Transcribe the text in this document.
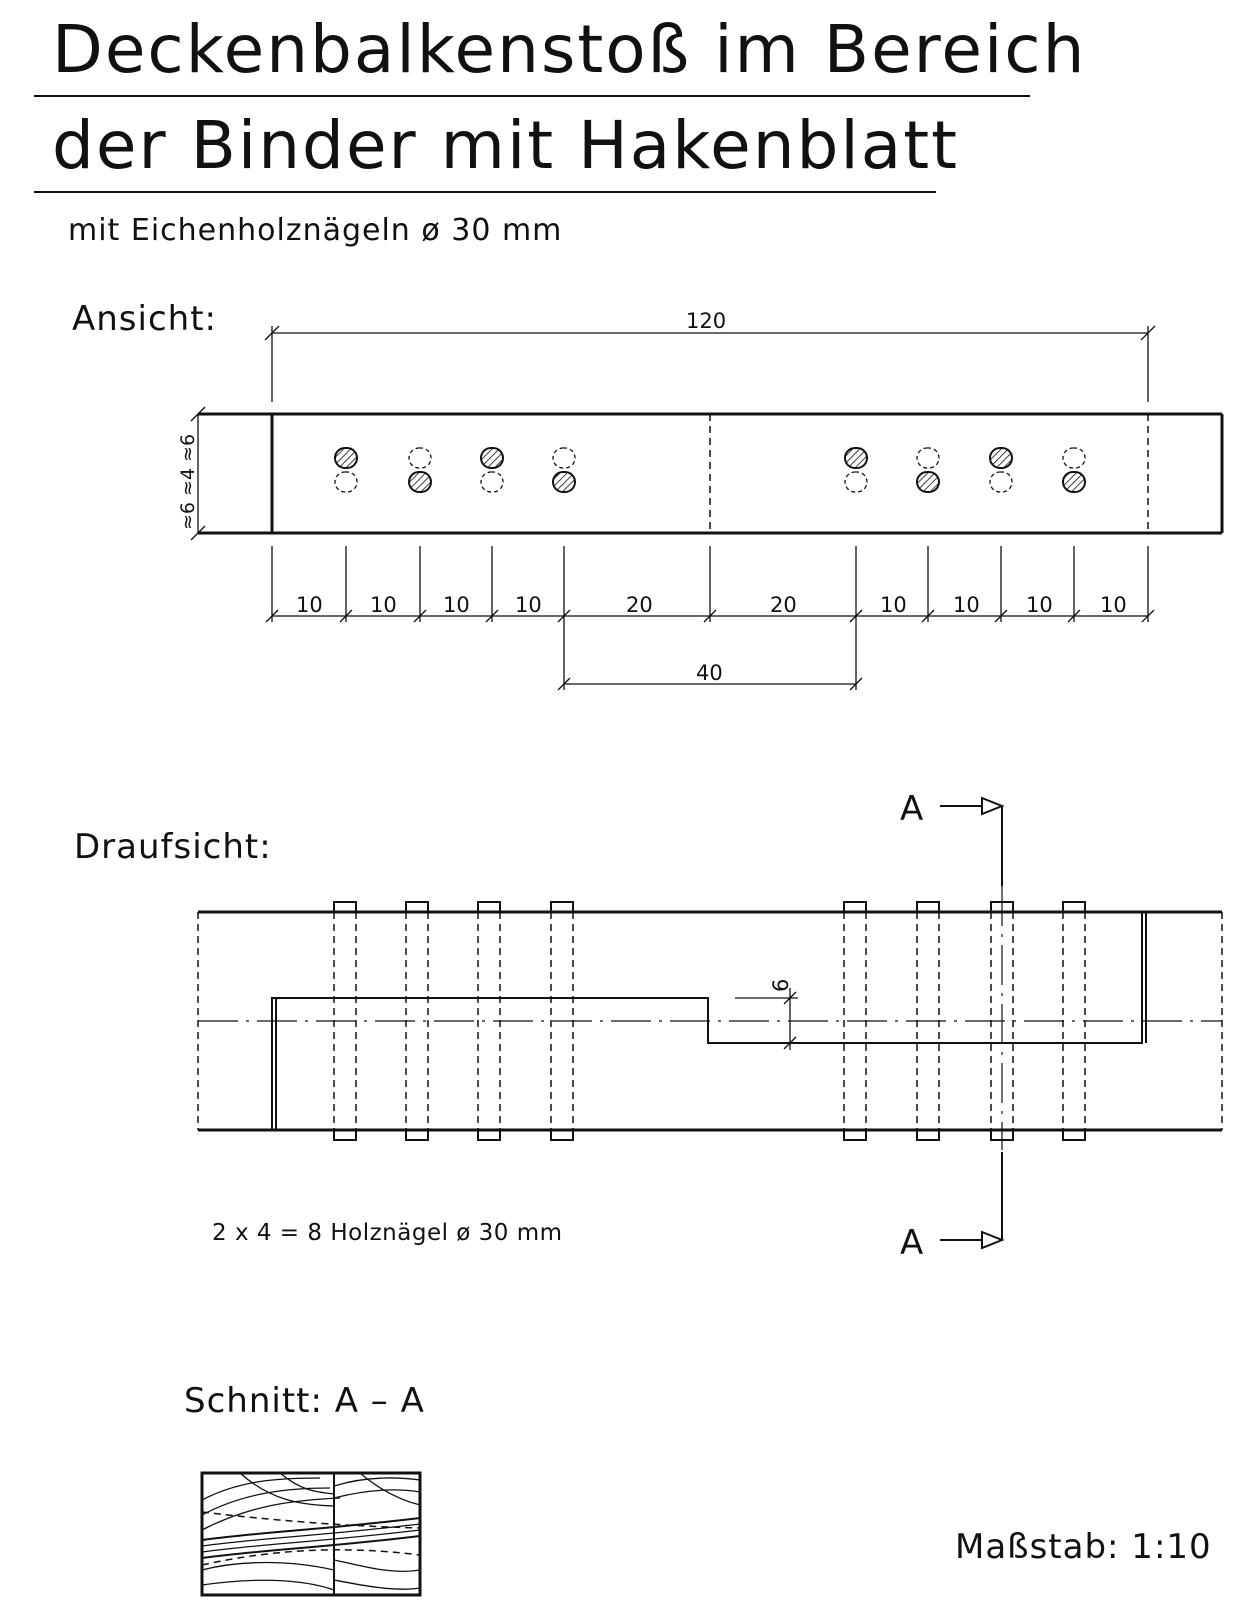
Deckenbalkenstoß im Bereich
der Binder mit Hakenblatt
mit Eichenholznägeln ø 30 mm
Ansicht:	120
≈6 ≈4 ≈6
10 10 10 10	20	20	10 10 10 10
40
Draufsicht:
A
6
2 x 4 = 8 Holznägel ø 30 mm	A
Schnitt: A – A
Maßstab: 1:10
